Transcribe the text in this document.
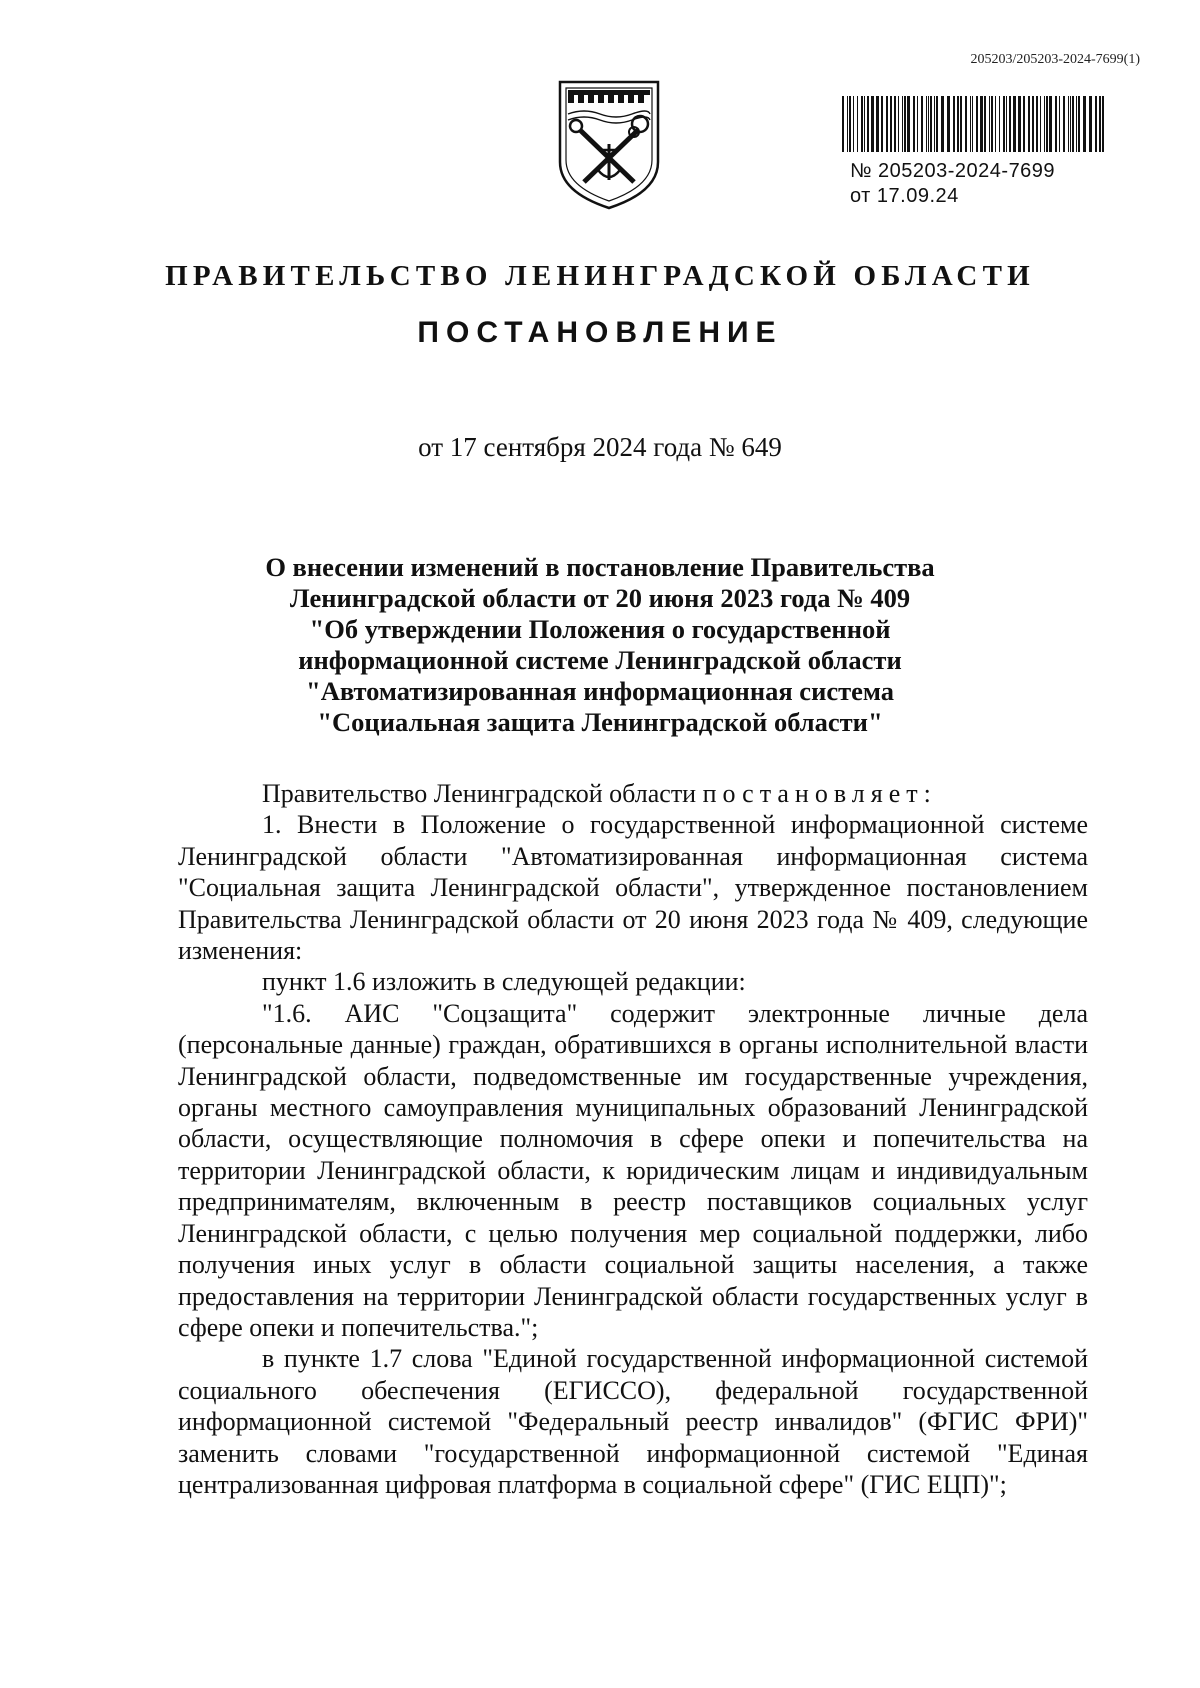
205203/205203-2024-7699(1)
№ 205203-2024-7699
от 17.09.24
ПРАВИТЕЛЬСТВО ЛЕНИНГРАДСКОЙ ОБЛАСТИ
ПОСТАНОВЛЕНИЕ
от 17 сентября 2024 года № 649
О внесении изменений в постановление Правительства
Ленинградской области от 20 июня 2023 года № 409
"Об утверждении Положения о государственной
информационной системе Ленинградской области
"Автоматизированная информационная система
"Социальная защита Ленинградской области"

Правительство Ленинградской области постановляет:

1. Внести в Положение о государственной информационной системе Ленинградской области "Автоматизированная информационная система "Социальная защита Ленинградской области", утвержденное постановлением Правительства Ленинградской области от 20 июня 2023 года № 409, следующие изменения:

пункт 1.6 изложить в следующей редакции:

"1.6. АИС "Соцзащита" содержит электронные личные дела (персональные данные) граждан, обратившихся в органы исполнительной власти Ленинградской области, подведомственные им государственные учреждения, органы местного самоуправления муниципальных образований Ленинградской области, осуществляющие полномочия в сфере опеки и попечительства на территории Ленинградской области, к юридическим лицам и индивидуальным предпринимателям, включенным в реестр поставщиков социальных услуг Ленинградской области, с целью получения мер социальной поддержки, либо получения иных услуг в области социальной защиты населения, а также предоставления на территории Ленинградской области государственных услуг в сфере опеки и попечительства.";

в пункте 1.7 слова "Единой государственной информационной системой социального обеспечения (ЕГИССО), федеральной государственной информационной системой "Федеральный реестр инвалидов" (ФГИС ФРИ)" заменить словами "государственной информационной системой "Единая централизованная цифровая платформа в социальной сфере" (ГИС ЕЦП)";
